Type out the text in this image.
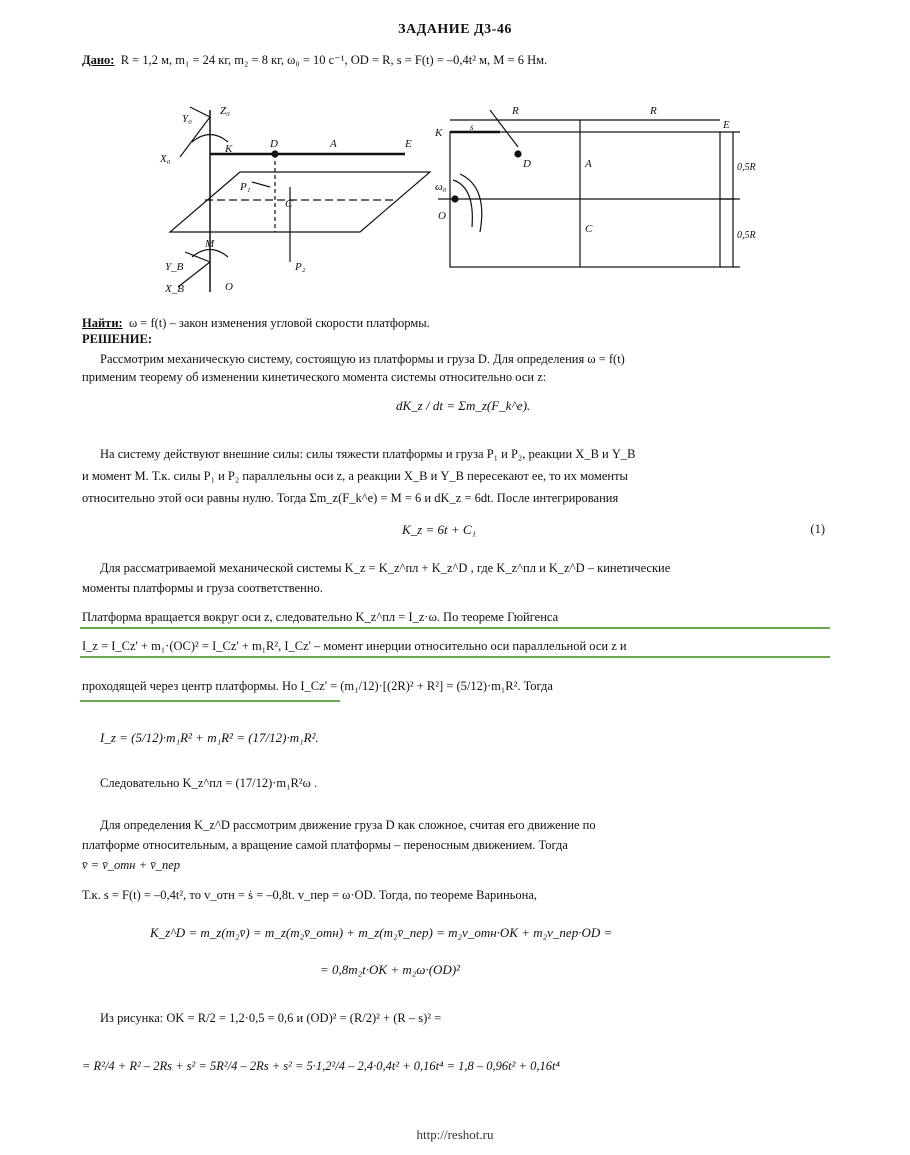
ЗАДАНИЕ Д3-46
Дано: R = 1,2 м, m₁ = 24 кг, m₂ = 8 кг, ω₀ = 10 с⁻¹, OD = R, s = F(t) = –0,4t² м, M = 6 Нм.
Y₀
Z₀
X₀
D	A	E
K
P₁
P₂
M
C
X_B
Y_B
O
R	R
K
E
D	A
C
O
0,5R
0,5R
ω₀
s
Найти: ω = f(t) – закон изменения угловой скорости платформы.
РЕШЕНИЕ:
Рассмотрим механическую систему, состоящую из платформы и груза D. Для определения ω = f(t)
применим теорему об изменении кинетического момента системы относительно оси z:
dK_z / dt = Σm_z(F_k^e).
На систему действуют внешние силы: силы тяжести платформы и груза P₁ и P₂, реакции X_B и Y_B
и момент M. Т.к. силы P₁ и P₂ параллельны оси z, а реакции X_B и Y_B пересекают ее, то их моменты
относительно этой оси равны нулю. Тогда Σm_z(F_k^e) = M = 6 и dK_z = 6dt. После интегрирования
K_z = 6t + C₁	(1)
Для рассматриваемой механической системы K_z = K_z^пл + K_z^D , где K_z^пл и K_z^D – кинетические
моменты платформы и груза соответственно.
Платформа вращается вокруг оси z, следовательно K_z^пл = I_z·ω. По теореме Гюйгенса
I_z = I_Cz' + m₁·(OC)² = I_Cz' + m₁R², I_Cz' – момент инерции относительно оси параллельной оси z и
проходящей через центр платформы. Но I_Cz' = (m₁/12)·[(2R)² + R²] = (5/12)·m₁R². Тогда
I_z = (5/12)·m₁R² + m₁R² = (17/12)·m₁R².
Следовательно K_z^пл = (17/12)·m₁R²ω .
Для определения K_z^D рассмотрим движение груза D как сложное, считая его движение по
платформе относительным, а вращение самой платформы – переносным движением. Тогда
v̄ = v̄_отн + v̄_пер
Т.к. s = F(t) = –0,4t², то v_отн = ṡ = –0,8t. v_пер = ω·OD. Тогда, по теореме Вариньона,
K_z^D = m_z(m₂v̄) = m_z(m₂v̄_отн) + m_z(m₂v̄_пер) = m₂v_отн·OK + m₂v_пер·OD =
= 0,8m₂t·OK + m₂ω·(OD)²
Из рисунка: OK = R/2 = 1,2·0,5 = 0,6 и (OD)² = (R/2)² + (R – s)² =
= R²/4 + R² – 2Rs + s² = 5R²/4 – 2Rs + s² = 5·1,2²/4 – 2,4·0,4t² + 0,16t⁴ = 1,8 – 0,96t² + 0,16t⁴
http://reshot.ru
